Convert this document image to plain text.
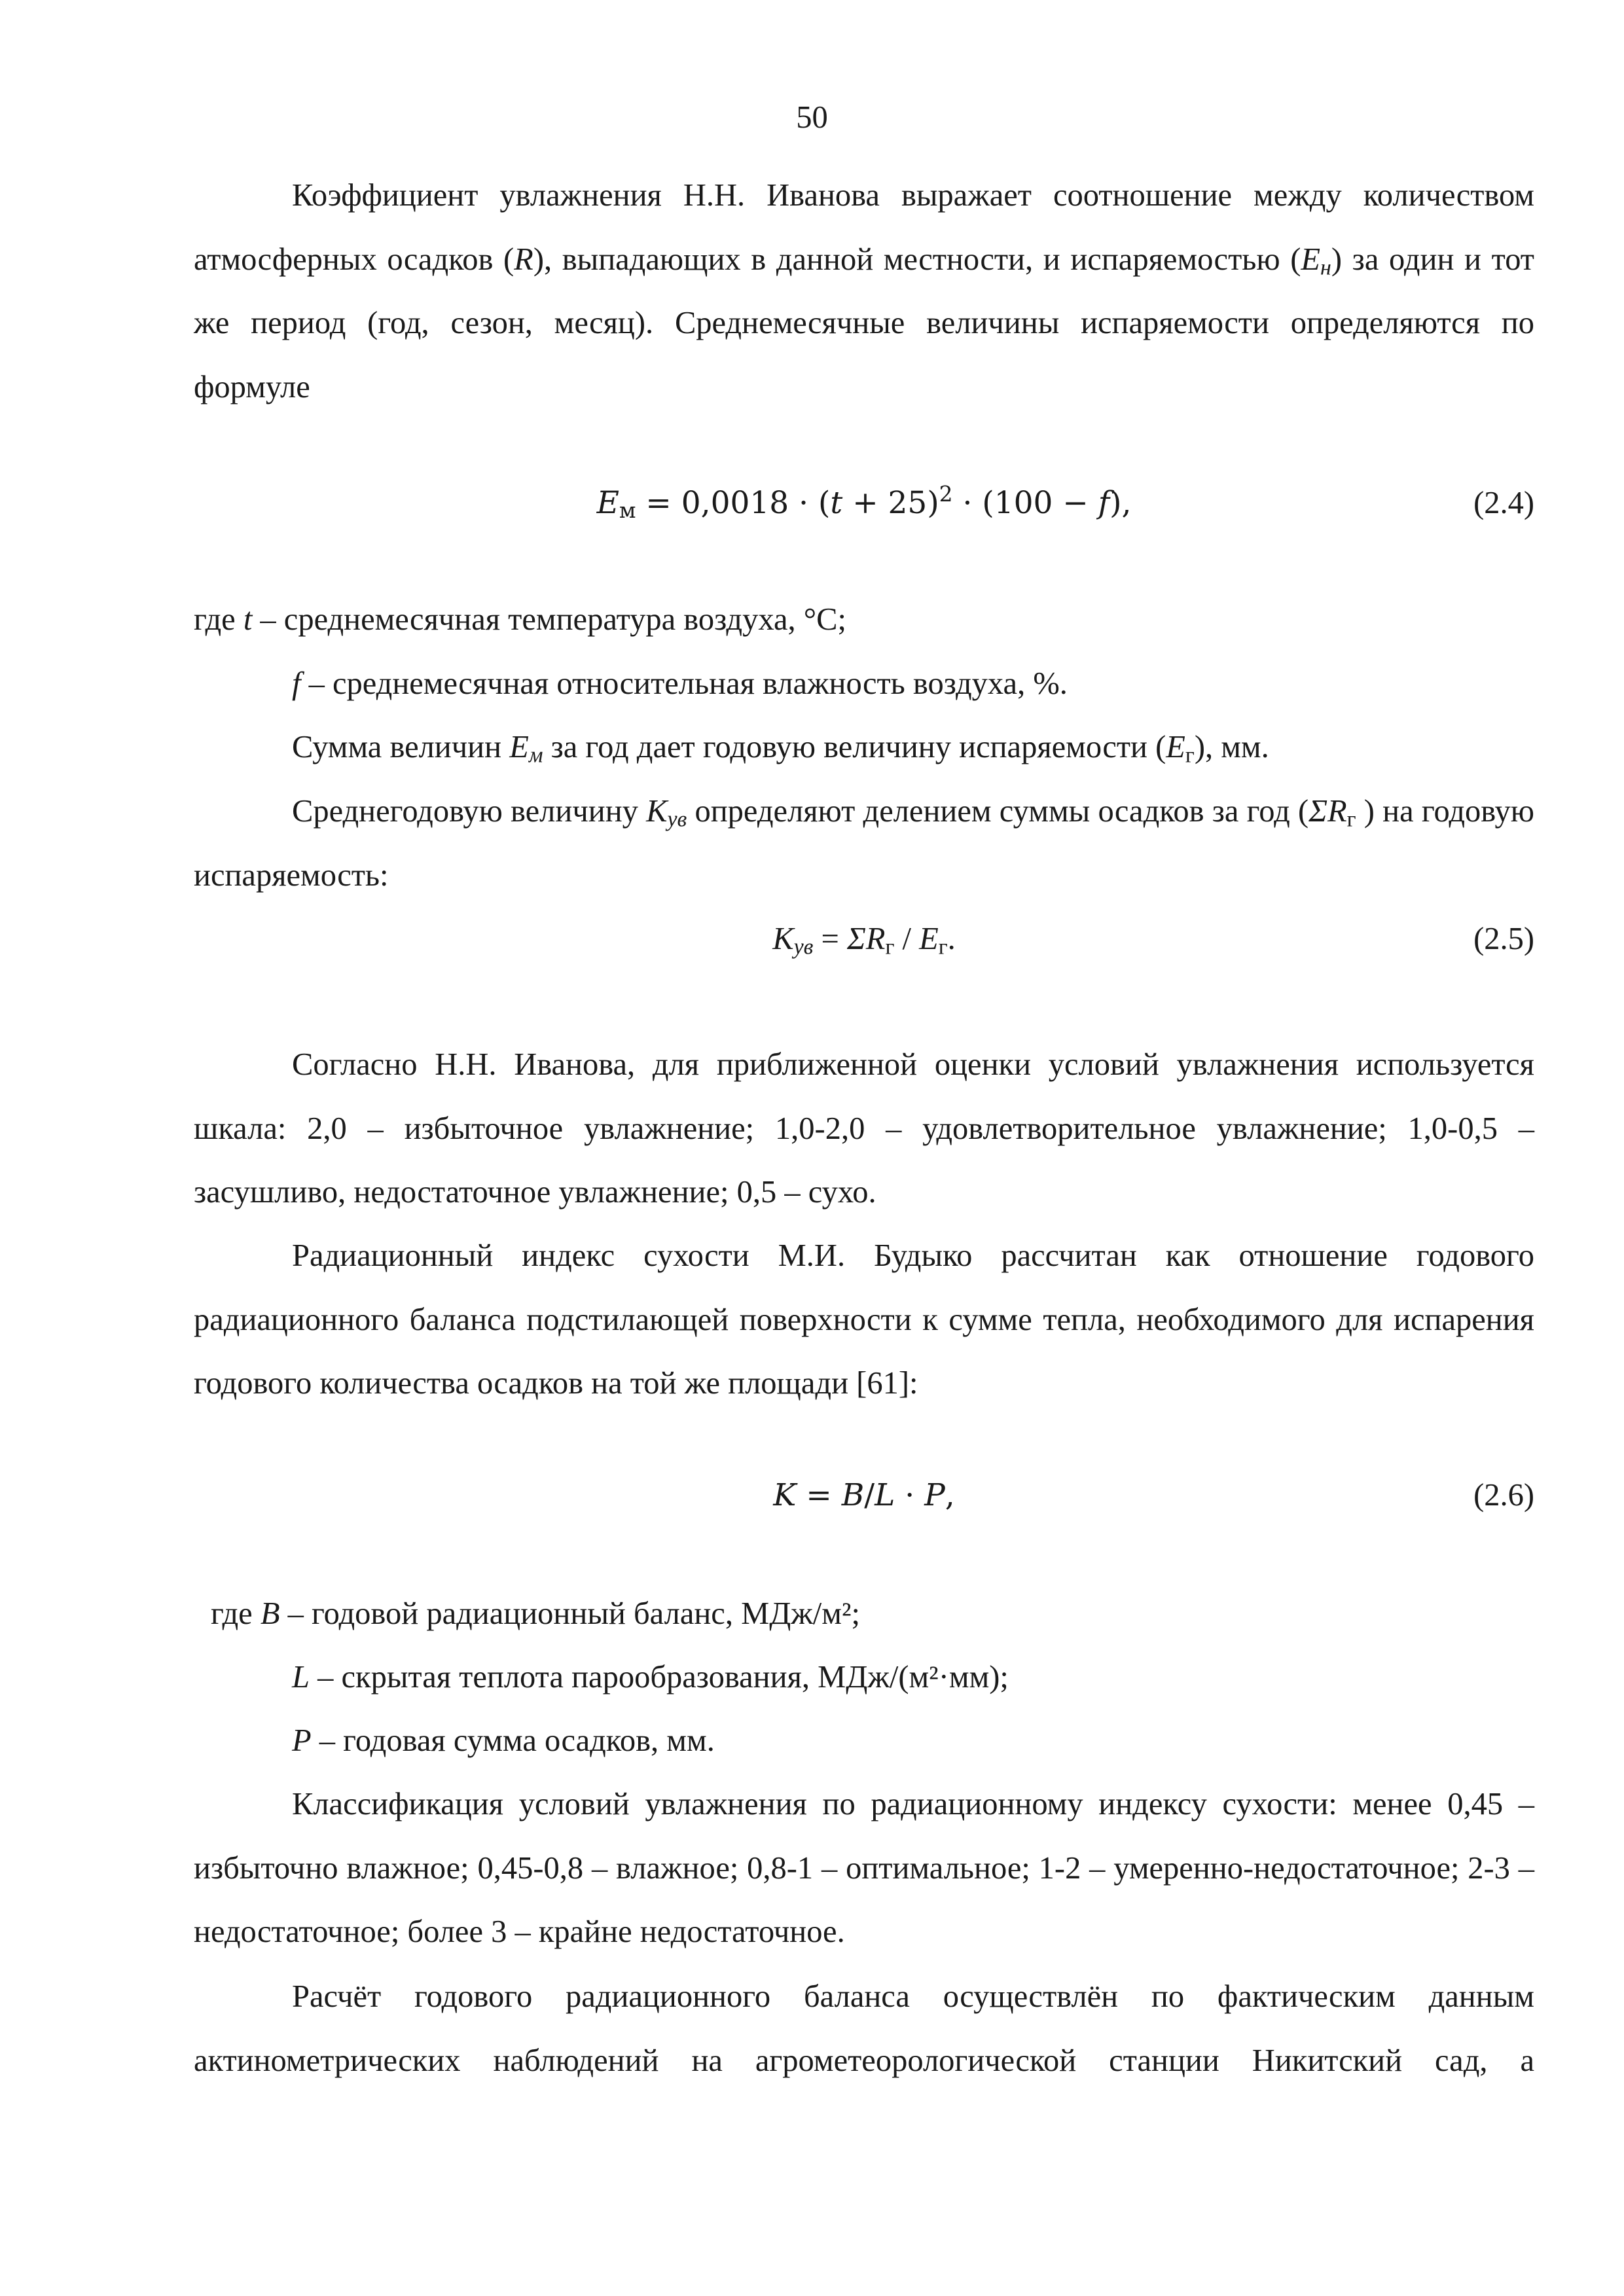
50

Коэффициент увлажнения Н.Н. Иванова выражает соотношение между количеством атмосферных осадков (R), выпадающих в данной местности, и испаряемостью $(E_н)$ за один и тот же период (год, сезон, месяц). Среднемесячные величины испаряемости определяются по формуле

$E_м = 0,0018 \cdot (t + 25)^2 \cdot (100 - f)$,	(2.4)
где t – среднемесячная температура воздуха, °С;
f – среднемесячная относительная влажность воздуха, %.
Сумма величин $E_м$ за год дает годовую величину испаряемости $(E_г)$, мм.

Среднегодовую величину $K_{ув}$ определяют делением суммы осадков за год ($\Sigma R_г$ ) на годовую испаряемость:

$K_{ув} = \Sigma R_г / E_г$.	(2.5)

Согласно Н.Н. Иванова, для приближенной оценки условий увлажнения используется шкала: 2,0 – избыточное увлажнение; 1,0-2,0 – удовлетворительное увлажнение; 1,0-0,5 – засушливо, недостаточное увлажнение; 0,5 – сухо.

Радиационный индекс сухости М.И. Будыко рассчитан как отношение годового радиационного баланса подстилающей поверхности к сумме тепла, необходимого для испарения годового количества осадков на той же площади [61]:

K = B/L · P,	(2.6)
где B – годовой радиационный баланс, МДж/м²;
L – скрытая теплота парообразования, МДж/(м²·мм);
P – годовая сумма осадков, мм.

Классификация условий увлажнения по радиационному индексу сухости: менее 0,45 – избыточно влажное; 0,45-0,8 – влажное; 0,8-1 – оптимальное; 1-2 – умеренно-недостаточное; 2-3 – недостаточное; более 3 – крайне недостаточное.

Расчёт годового радиационного баланса осуществлён по фактическим данным актинометрических наблюдений на агрометеорологической станции Никитский сад, а
